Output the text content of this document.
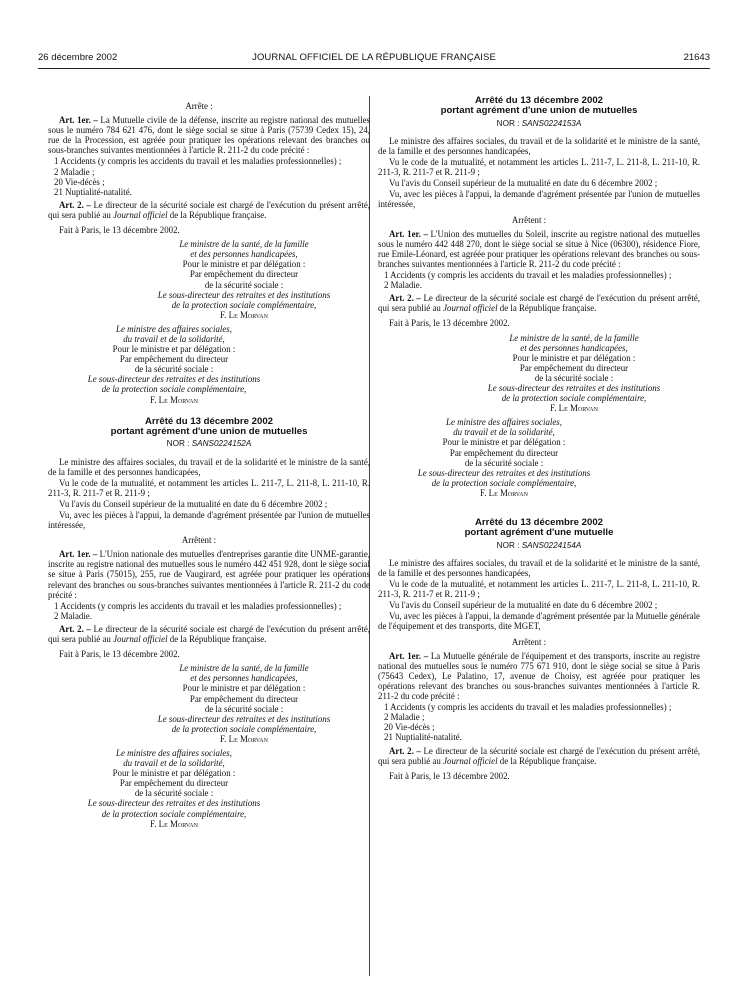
26 décembre 2002	JOURNAL OFFICIEL DE LA RÉPUBLIQUE FRANÇAISE	21643

Arrête :

Art. 1er. – La Mutuelle civile de la défense, inscrite au registre national des mutuelles sous le numéro 784 621 476, dont le siège social se situe à Paris (75739 Cedex 15), 24, rue de la Procession, est agréée pour pratiquer les opérations relevant des branches ou sous-branches suivantes mentionnées à l'article R. 211-2 du code précité :

1 Accidents (y compris les accidents du travail et les maladies professionnelles) ;
2 Maladie ;
20 Vie-décès ;
21 Nuptialité-natalité.

Art. 2. – Le directeur de la sécurité sociale est chargé de l'exécution du présent arrêté, qui sera publié au Journal officiel de la République française.

Fait à Paris, le 13 décembre 2002.

Le ministre de la santé, de la famille

et des personnes handicapées,

Pour le ministre et par délégation :

Par empêchement du directeur

de la sécurité sociale :

Le sous-directeur des retraites et des institutions

de la protection sociale complémentaire,

F. Le Morvan

Le ministre des affaires sociales,

du travail et de la solidarité,

Pour le ministre et par délégation :

Par empêchement du directeur

de la sécurité sociale :

Le sous-directeur des retraites et des institutions

de la protection sociale complémentaire,

F. Le Morvan

Arrêté du 13 décembre 2002
portant agrément d'une union de mutuelles

NOR : SANS0224152A

Le ministre des affaires sociales, du travail et de la solidarité et le ministre de la santé, de la famille et des personnes handicapées,

Vu le code de la mutualité, et notamment les articles L. 211-7, L. 211-8, L. 211-10, R. 211-3, R. 211-7 et R. 211-9 ;

Vu l'avis du Conseil supérieur de la mutualité en date du 6 décembre 2002 ;

Vu, avec les pièces à l'appui, la demande d'agrément présentée par l'union de mutuelles intéressée,

Arrêtent :

Art. 1er. – L'Union nationale des mutuelles d'entreprises garantie dite UNME-garantie, inscrite au registre national des mutuelles sous le numéro 442 451 928, dont le siège social se situe à Paris (75015), 255, rue de Vaugirard, est agréée pour pratiquer les opérations relevant des branches ou sous-branches suivantes mentionnées à l'article R. 211-2 du code précité :

1 Accidents (y compris les accidents du travail et les maladies professionnelles) ;
2 Maladie.

Art. 2. – Le directeur de la sécurité sociale est chargé de l'exécution du présent arrêté, qui sera publié au Journal officiel de la République française.

Fait à Paris, le 13 décembre 2002.

Le ministre de la santé, de la famille

et des personnes handicapées,

Pour le ministre et par délégation :

Par empêchement du directeur

de la sécurité sociale :

Le sous-directeur des retraites et des institutions

de la protection sociale complémentaire,

F. Le Morvan

Le ministre des affaires sociales,

du travail et de la solidarité,

Pour le ministre et par délégation :

Par empêchement du directeur

de la sécurité sociale :

Le sous-directeur des retraites et des institutions

de la protection sociale complémentaire,

F. Le Morvan

Arrêté du 13 décembre 2002
portant agrément d'une union de mutuelles

NOR : SANS0224153A

Le ministre des affaires sociales, du travail et de la solidarité et le ministre de la santé, de la famille et des personnes handicapées,

Vu le code de la mutualité, et notamment les articles L. 211-7, L. 211-8, L. 211-10, R. 211-3, R. 211-7 et R. 211-9 ;

Vu l'avis du Conseil supérieur de la mutualité en date du 6 décembre 2002 ;

Vu, avec les pièces à l'appui, la demande d'agrément présentée par l'union de mutuelles intéressée,

Arrêtent :

Art. 1er. – L'Union des mutuelles du Soleil, inscrite au registre national des mutuelles sous le numéro 442 448 270, dont le siège social se situe à Nice (06300), résidence Fiore, rue Emile-Léonard, est agréée pour pratiquer les opérations relevant des branches ou sous-branches suivantes mentionnées à l'article R. 211-2 du code précité :

1 Accidents (y compris les accidents du travail et les maladies professionnelles) ;
2 Maladie.

Art. 2. – Le directeur de la sécurité sociale est chargé de l'exécution du présent arrêté, qui sera publié au Journal officiel de la République française.

Fait à Paris, le 13 décembre 2002.

Le ministre de la santé, de la famille

et des personnes handicapées,

Pour le ministre et par délégation :

Par empêchement du directeur

de la sécurité sociale :

Le sous-directeur des retraites et des institutions

de la protection sociale complémentaire,

F. Le Morvan

Le ministre des affaires sociales,

du travail et de la solidarité,

Pour le ministre et par délégation :

Par empêchement du directeur

de la sécurité sociale :

Le sous-directeur des retraites et des institutions

de la protection sociale complémentaire,

F. Le Morvan

Arrêté du 13 décembre 2002
portant agrément d'une mutuelle

NOR : SANS0224154A

Le ministre des affaires sociales, du travail et de la solidarité et le ministre de la santé, de la famille et des personnes handicapées,

Vu le code de la mutualité, et notamment les articles L. 211-7, L. 211-8, L. 211-10, R. 211-3, R. 211-7 et R. 211-9 ;

Vu l'avis du Conseil supérieur de la mutualité en date du 6 décembre 2002 ;

Vu, avec les pièces à l'appui, la demande d'agrément présentée par la Mutuelle générale de l'équipement et des transports, dite MGET,

Arrêtent :

Art. 1er. – La Mutuelle générale de l'équipement et des transports, inscrite au registre national des mutuelles sous le numéro 775 671 910, dont le siège social se situe à Paris (75643 Cedex), Le Palatino, 17, avenue de Choisy, est agréée pour pratiquer les opérations relevant des branches ou sous-branches suivantes mentionnées à l'article R. 211-2 du code précité :

1 Accidents (y compris les accidents du travail et les maladies professionnelles) ;
2 Maladie ;
20 Vie-décès ;
21 Nuptialité-natalité.

Art. 2. – Le directeur de la sécurité sociale est chargé de l'exécution du présent arrêté, qui sera publié au Journal officiel de la République française.

Fait à Paris, le 13 décembre 2002.
